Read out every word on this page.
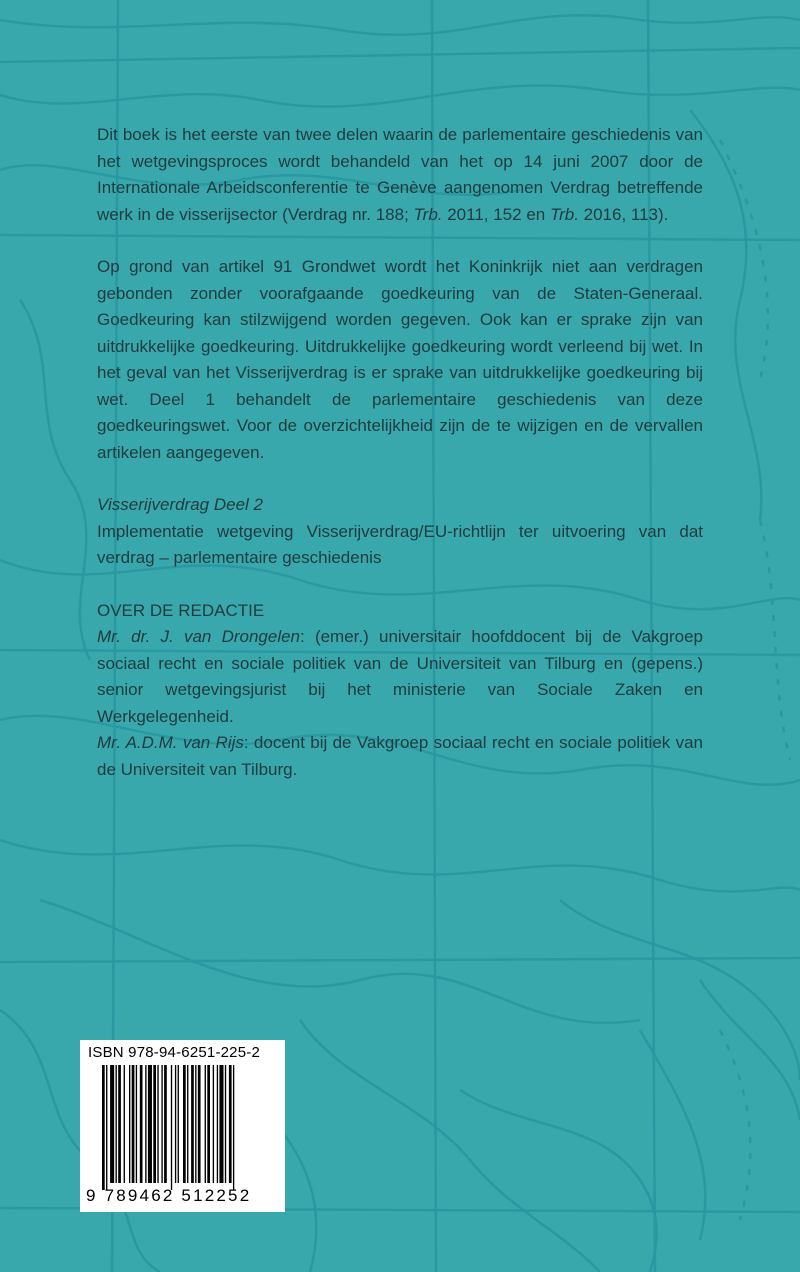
Dit boek is het eerste van twee delen waarin de parlementaire geschiedenis van het wetgevingsproces wordt behandeld van het op 14 juni 2007 door de Internationale Arbeidsconferentie te Genève aangenomen Verdrag betreffende werk in de visserijsector (Verdrag nr. 188; Trb. 2011, 152 en Trb. 2016, 113).

Op grond van artikel 91 Grondwet wordt het Koninkrijk niet aan verdragen gebonden zonder voorafgaande goedkeuring van de Staten-Generaal. Goedkeuring kan stilzwijgend worden gegeven. Ook kan er sprake zijn van uitdrukkelijke goedkeuring. Uitdrukkelijke goedkeuring wordt verleend bij wet. In het geval van het Visserijverdrag is er sprake van uitdrukkelijke goedkeuring bij wet. Deel 1 behandelt de parlementaire geschiedenis van deze goedkeuringswet. Voor de overzichtelijkheid zijn de te wijzigen en de vervallen artikelen aangegeven.

Visserijverdrag Deel 2

Implementatie wetgeving Visserijverdrag/EU-richtlijn ter uitvoering van dat verdrag – parlementaire geschiedenis

OVER DE REDACTIE

Mr. dr. J. van Drongelen: (emer.) universitair hoofddocent bij de Vakgroep sociaal recht en sociale politiek van de Universiteit van Tilburg en (gepens.) senior wetgevingsjurist bij het ministerie van Sociale Zaken en Werkgelegenheid.

Mr. A.D.M. van Rijs: docent bij de Vakgroep sociaal recht en sociale politiek van de Universiteit van Tilburg.

ISBN 978-94-6251-225-2
9 789462 512252
